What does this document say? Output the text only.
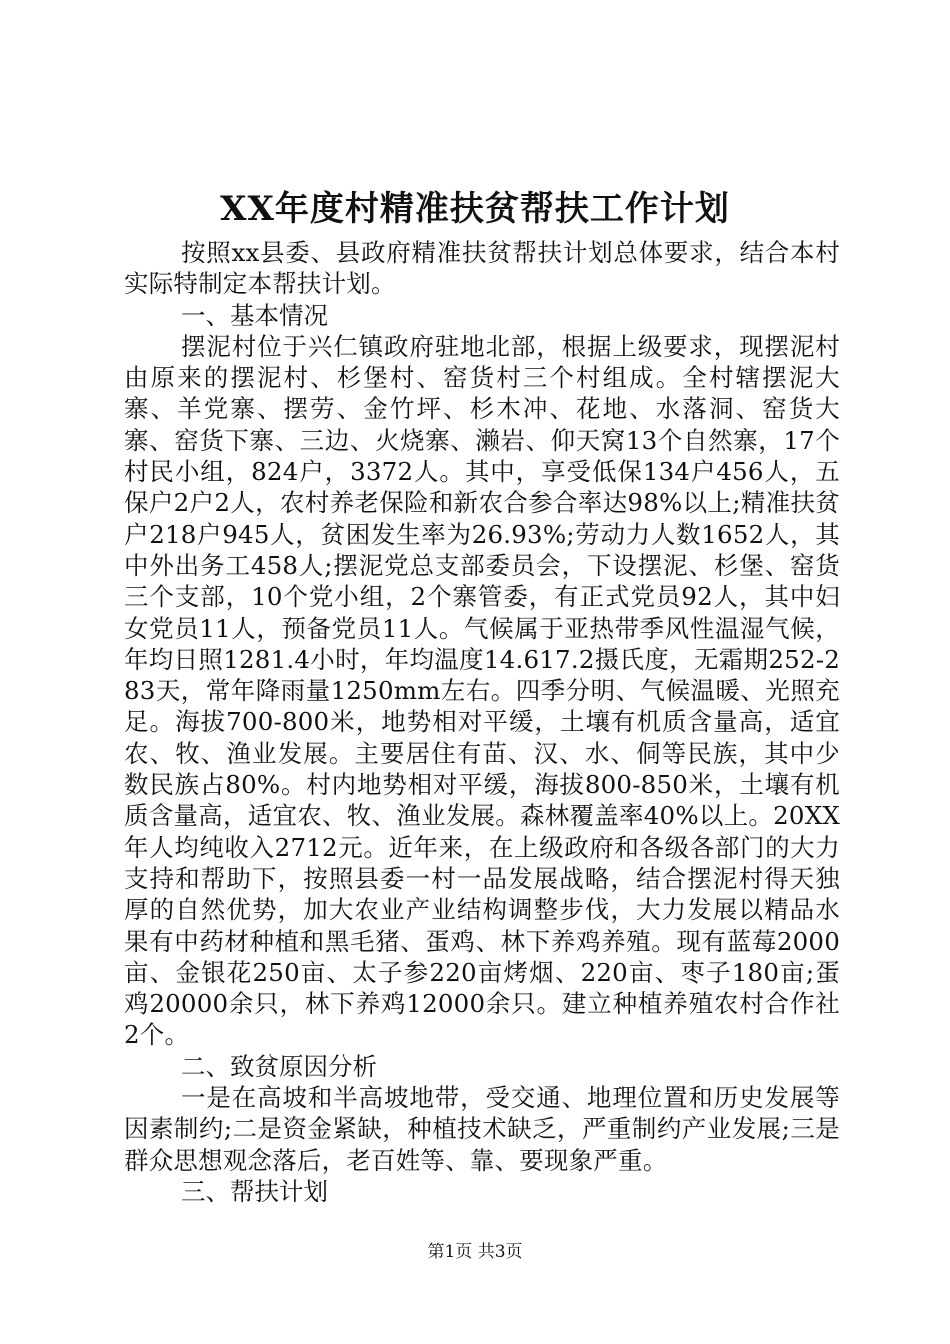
XX年度村精准扶贫帮扶工作计划

按照xx县委、县政府精准扶贫帮扶计划总体要求，结合本村实际特制定本帮扶计划。

一、基本情况

摆泥村位于兴仁镇政府驻地北部，根据上级要求，现摆泥村由原来的摆泥村、杉堡村、窑货村三个村组成。全村辖摆泥大寨、羊党寨、摆劳、金竹坪、杉木冲、花地、水落洞、窑货大寨、窑货下寨、三边、火烧寨、濑岩、仰天窝13个自然寨，17个村民小组，824户，3372人。其中，享受低保134户456人，五保户2户2人，农村养老保险和新农合参合率达98%以上;精准扶贫户218户945人，贫困发生率为26.93%;劳动力人数1652人，其中外出务工458人;摆泥党总支部委员会，下设摆泥、杉堡、窑货三个支部，10个党小组，2个寨管委，有正式党员92人，其中妇女党员11人，预备党员11人。气候属于亚热带季风性温湿气候，年均日照1281.4小时，年均温度14.617.2摄氏度，无霜期252-283天，常年降雨量1250mm左右。四季分明、气候温暖、光照充足。海拔700-800米，地势相对平缓，土壤有机质含量高，适宜农、牧、渔业发展。主要居住有苗、汉、水、侗等民族，其中少数民族占80%。村内地势相对平缓，海拔800-850米，土壤有机质含量高，适宜农、牧、渔业发展。森林覆盖率40%以上。20XX年人均纯收入2712元。近年来，在上级政府和各级各部门的大力支持和帮助下，按照县委一村一品发展战略，结合摆泥村得天独厚的自然优势，加大农业产业结构调整步伐，大力发展以精品水果有中药材种植和黑毛猪、蛋鸡、林下养鸡养殖。现有蓝莓2000亩、金银花250亩、太子参220亩烤烟、220亩、枣子180亩;蛋鸡20000余只，林下养鸡12000余只。建立种植养殖农村合作社2个。

二、致贫原因分析

一是在高坡和半高坡地带，受交通、地理位置和历史发展等因素制约;二是资金紧缺，种植技术缺乏，严重制约产业发展;三是群众思想观念落后，老百姓等、靠、要现象严重。

三、帮扶计划

第1页 共3页
